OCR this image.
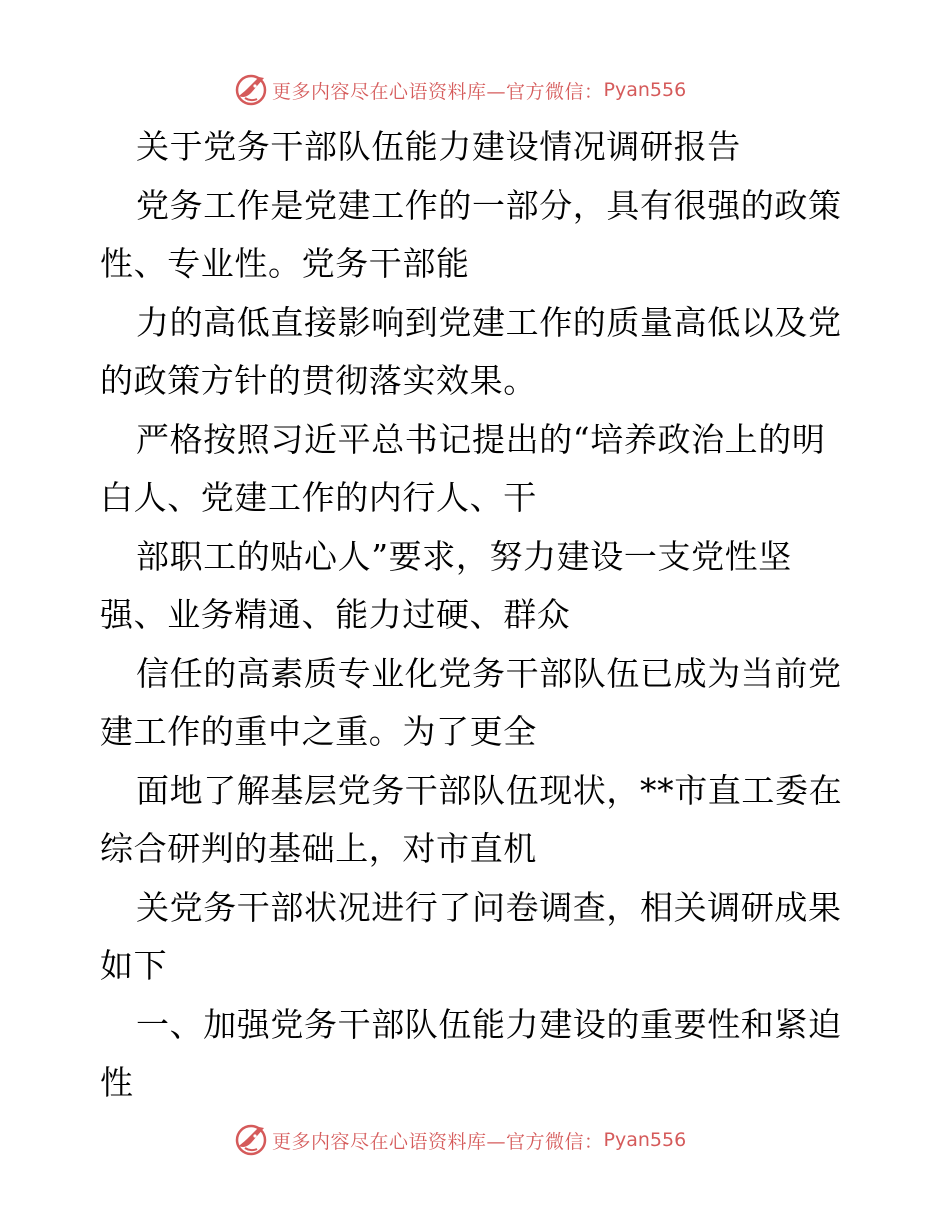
更多内容尽在心语资料库 —官方微信： Pyan556
关于党务干部队伍能力建设情况调研报告
党务工作是党建工作的一部分，具有很强的政策
性、专业性。党务干部能
力的高低直接影响到党建工作的质量高低以及党
的政策方针的贯彻落实效果。
严格按照习近平总书记提出的“培养政治上的明
白人、党建工作的内行人、干
部职工的贴心人”要求，努力建设一支党性坚
强、业务精通、能力过硬、群众
信任的高素质专业化党务干部队伍已成为当前党
建工作的重中之重。为了更全
面地了解基层党务干部队伍现状，**市直工委在
综合研判的基础上，对市直机
关党务干部状况进行了问卷调查，相关调研成果
如下
一、加强党务干部队伍能力建设的重要性和紧迫
性
更多内容尽在心语资料库 —官方微信： Pyan556
